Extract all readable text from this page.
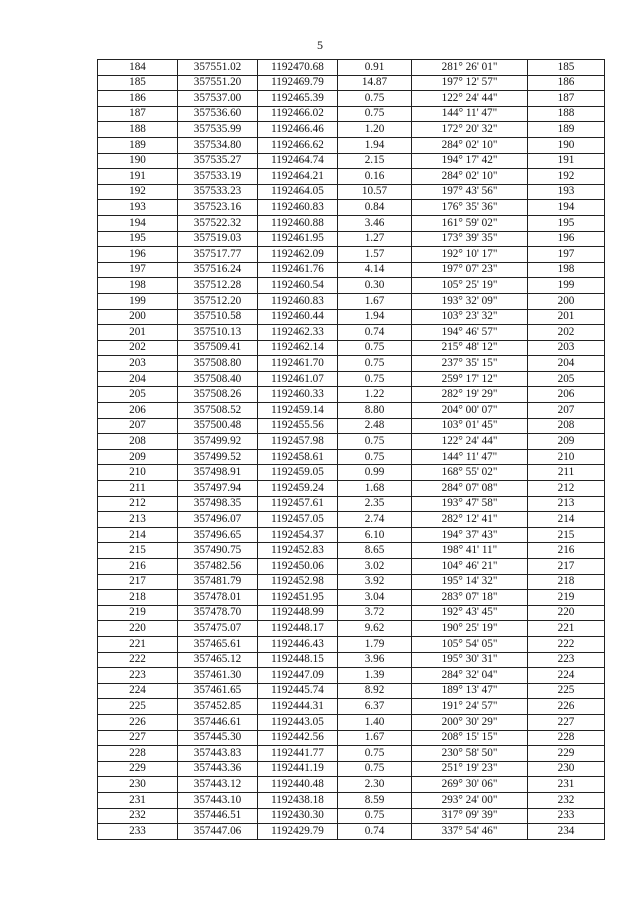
5
184	357551.02	1192470.68	0.91	281° 26' 01"	185
185	357551.20	1192469.79	14.87	197° 12' 57"	186
186	357537.00	1192465.39	0.75	122° 24' 44"	187
187	357536.60	1192466.02	0.75	144° 11' 47"	188
188	357535.99	1192466.46	1.20	172° 20' 32"	189
189	357534.80	1192466.62	1.94	284° 02' 10"	190
190	357535.27	1192464.74	2.15	194° 17' 42"	191
191	357533.19	1192464.21	0.16	284° 02' 10"	192
192	357533.23	1192464.05	10.57	197° 43' 56"	193
193	357523.16	1192460.83	0.84	176° 35' 36"	194
194	357522.32	1192460.88	3.46	161° 59' 02"	195
195	357519.03	1192461.95	1.27	173° 39' 35"	196
196	357517.77	1192462.09	1.57	192° 10' 17"	197
197	357516.24	1192461.76	4.14	197° 07' 23"	198
198	357512.28	1192460.54	0.30	105° 25' 19"	199
199	357512.20	1192460.83	1.67	193° 32' 09"	200
200	357510.58	1192460.44	1.94	103° 23' 32"	201
201	357510.13	1192462.33	0.74	194° 46' 57"	202
202	357509.41	1192462.14	0.75	215° 48' 12"	203
203	357508.80	1192461.70	0.75	237° 35' 15"	204
204	357508.40	1192461.07	0.75	259° 17' 12"	205
205	357508.26	1192460.33	1.22	282° 19' 29"	206
206	357508.52	1192459.14	8.80	204° 00' 07"	207
207	357500.48	1192455.56	2.48	103° 01' 45"	208
208	357499.92	1192457.98	0.75	122° 24' 44"	209
209	357499.52	1192458.61	0.75	144° 11' 47"	210
210	357498.91	1192459.05	0.99	168° 55' 02"	211
211	357497.94	1192459.24	1.68	284° 07' 08"	212
212	357498.35	1192457.61	2.35	193° 47' 58"	213
213	357496.07	1192457.05	2.74	282° 12' 41"	214
214	357496.65	1192454.37	6.10	194° 37' 43"	215
215	357490.75	1192452.83	8.65	198° 41' 11"	216
216	357482.56	1192450.06	3.02	104° 46' 21"	217
217	357481.79	1192452.98	3.92	195° 14' 32"	218
218	357478.01	1192451.95	3.04	283° 07' 18"	219
219	357478.70	1192448.99	3.72	192° 43' 45"	220
220	357475.07	1192448.17	9.62	190° 25' 19"	221
221	357465.61	1192446.43	1.79	105° 54' 05"	222
222	357465.12	1192448.15	3.96	195° 30' 31"	223
223	357461.30	1192447.09	1.39	284° 32' 04"	224
224	357461.65	1192445.74	8.92	189° 13' 47"	225
225	357452.85	1192444.31	6.37	191° 24' 57"	226
226	357446.61	1192443.05	1.40	200° 30' 29"	227
227	357445.30	1192442.56	1.67	208° 15' 15"	228
228	357443.83	1192441.77	0.75	230° 58' 50"	229
229	357443.36	1192441.19	0.75	251° 19' 23"	230
230	357443.12	1192440.48	2.30	269° 30' 06"	231
231	357443.10	1192438.18	8.59	293° 24' 00"	232
232	357446.51	1192430.30	0.75	317° 09' 39"	233
233	357447.06	1192429.79	0.74	337° 54' 46"	234
